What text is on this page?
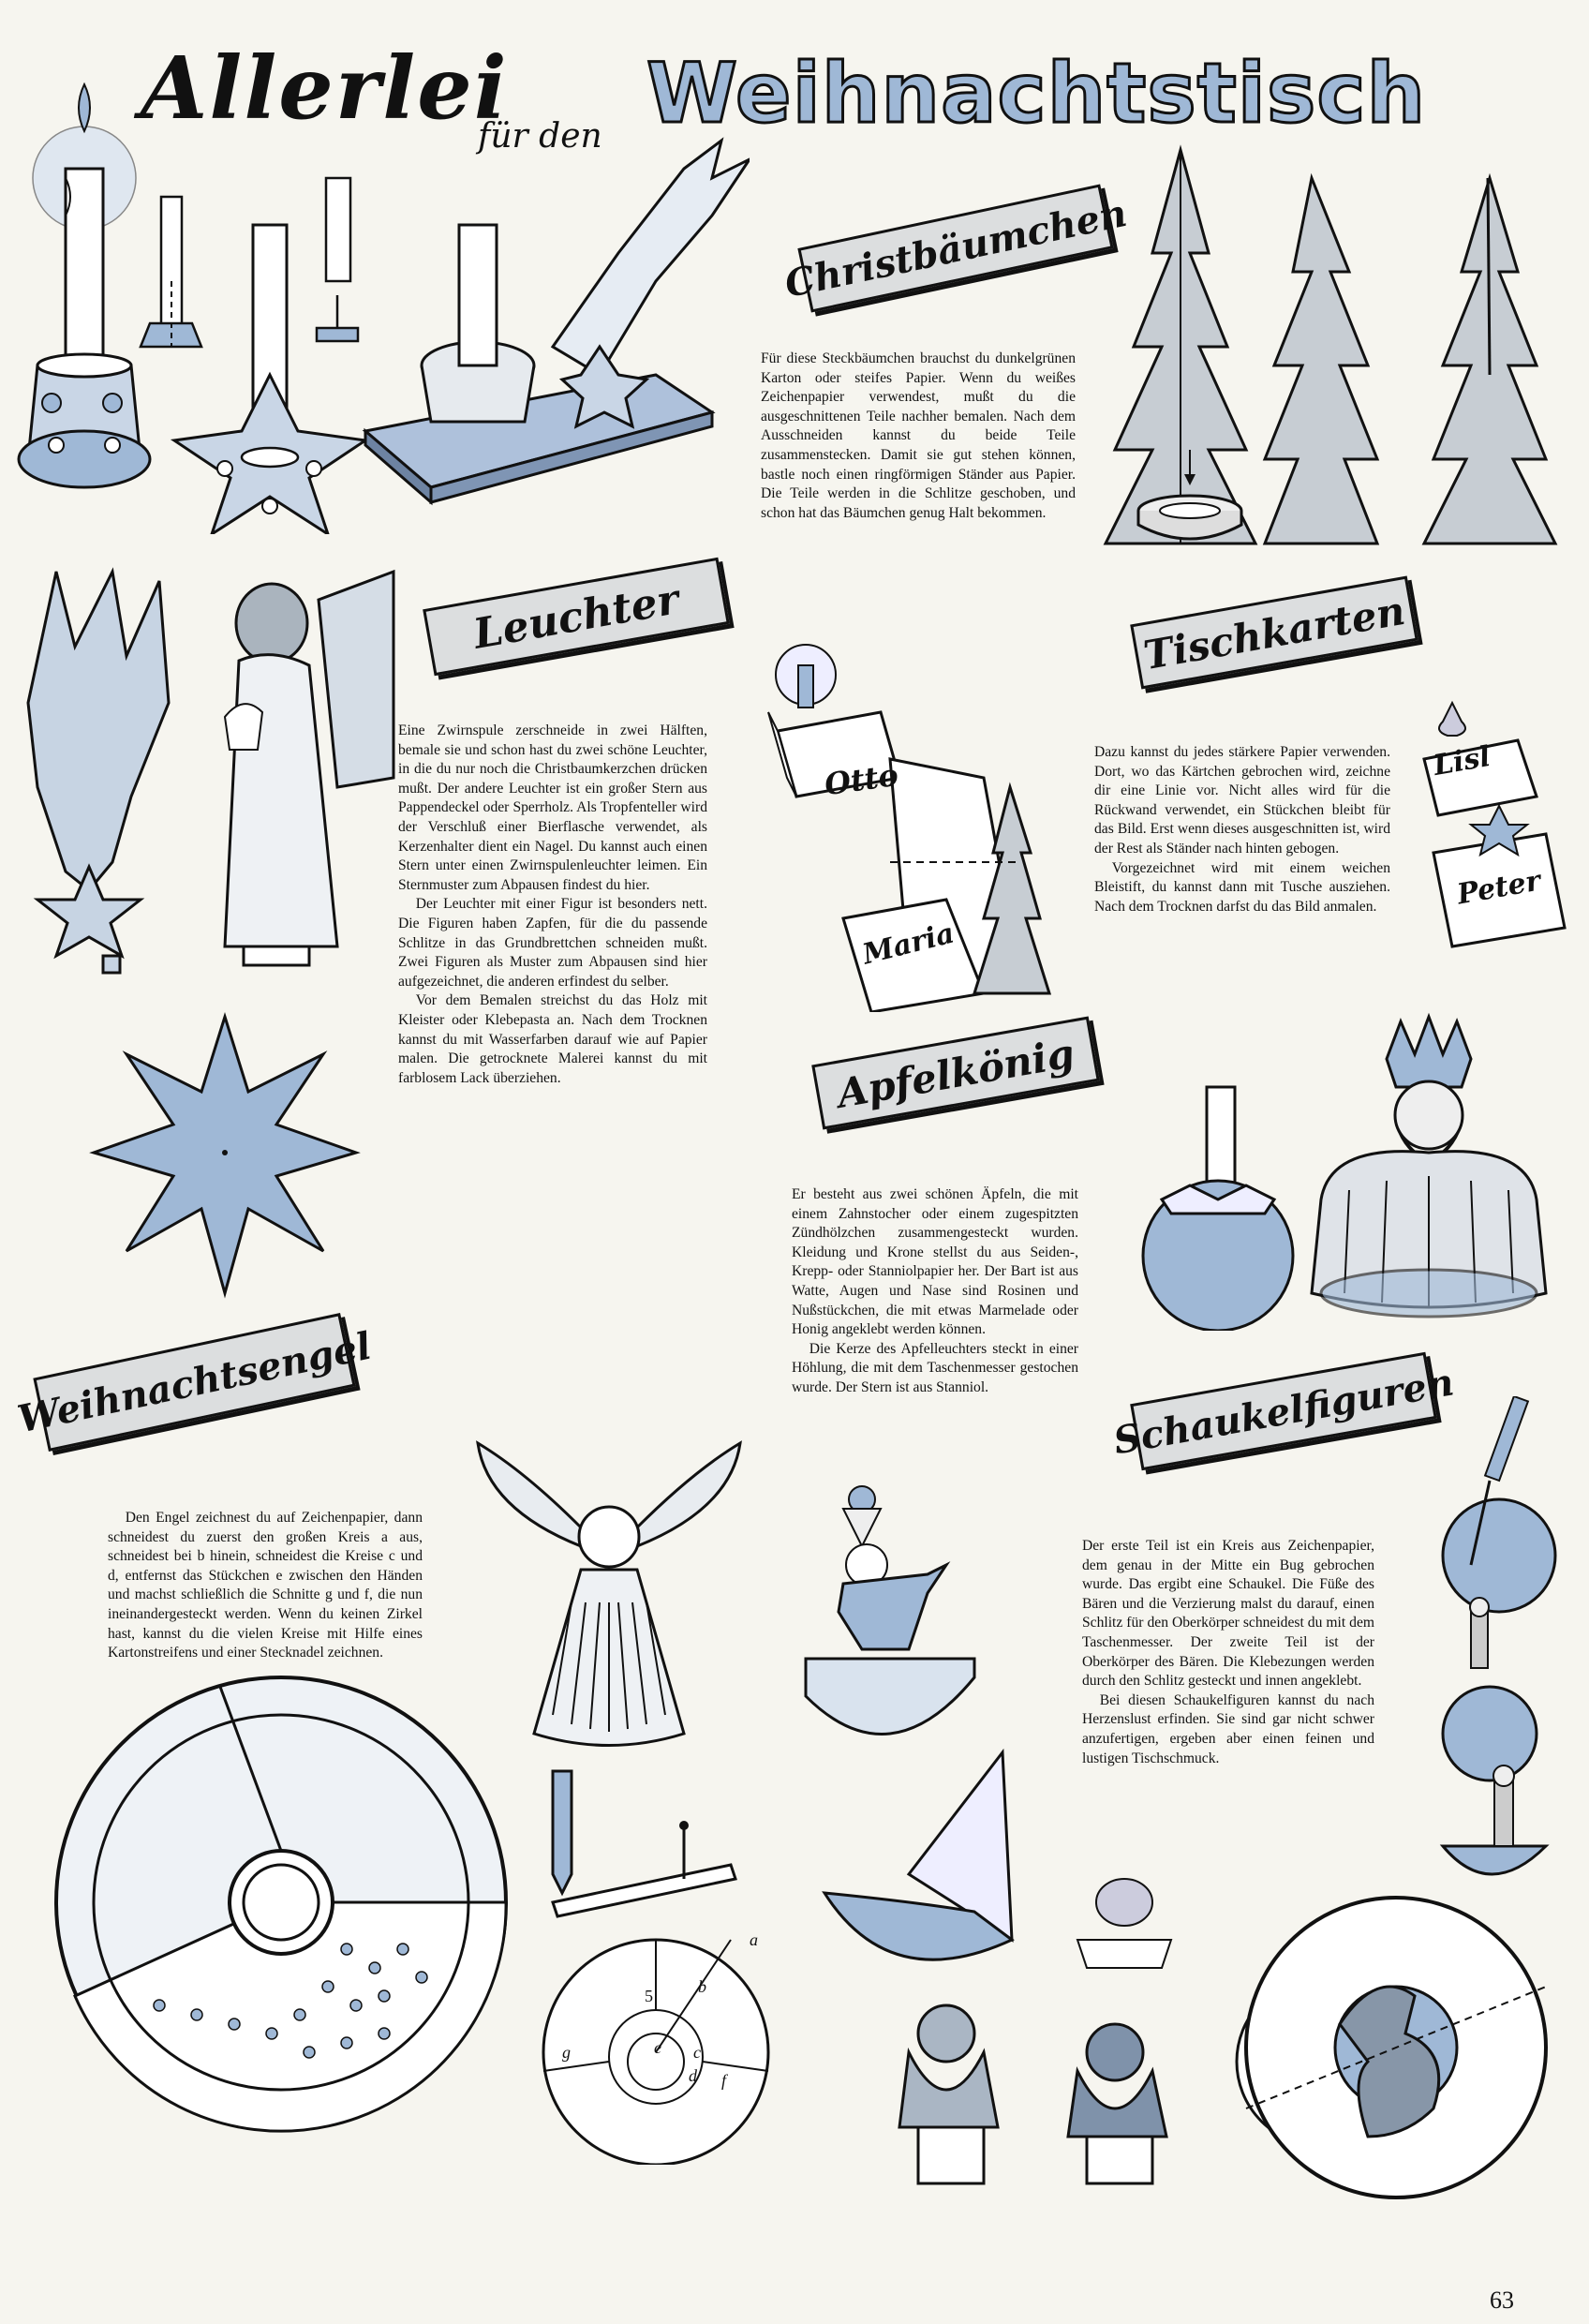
Allerlei
für den Weihnachtstisch
Christbäumchen

Für diese Steckbäumchen brauchst du dunkelgrünen Karton oder steifes Papier. Wenn du weißes Zeichenpapier verwendest, mußt du die ausgeschnittenen Teile nachher bemalen. Nach dem Ausschneiden kannst du beide Teile zusammenstecken. Damit sie gut stehen können, bastle noch einen ringförmigen Ständer aus Papier. Die Teile werden in die Schlitze geschoben, und schon hat das Bäumchen genug Halt bekommen.

Leuchter

Eine Zwirnspule zerschneide in zwei Hälften, bemale sie und schon hast du zwei schöne Leuchter, in die du nur noch die Christbaumkerzchen drücken mußt. Der andere Leuchter ist ein großer Stern aus Pappendeckel oder Sperrholz. Als Tropfenteller wird der Verschluß einer Bierflasche verwendet, als Kerzenhalter dient ein Nagel. Du kannst auch einen Stern unter einen Zwirnspulenleuchter leimen. Ein Sternmuster zum Abpausen findest du hier.

Der Leuchter mit einer Figur ist besonders nett. Die Figuren haben Zapfen, für die du passende Schlitze in das Grundbrettchen schneiden mußt. Zwei Figuren als Muster zum Abpausen sind hier aufgezeichnet, die anderen erfindest du selber.

Vor dem Bemalen streichst du das Holz mit Kleister oder Klebepasta an. Nach dem Trocknen kannst du mit Wasserfarben darauf wie auf Papier malen. Die getrocknete Malerei kannst du mit farblosem Lack überziehen.

Weihnachtsengel
Tischkarten
Otto
Maria

Dazu kannst du jedes stärkere Papier verwenden. Dort, wo das Kärtchen gebrochen wird, zeichne dir eine Linie vor. Nicht alles wird für die Rückwand verwendet, ein Stückchen bleibt für das Bild. Erst wenn dieses ausgeschnitten ist, wird der Rest als Ständer nach hinten gebogen.

Vorgezeichnet wird mit einem weichen Bleistift, du kannst dann mit Tusche ausziehen. Nach dem Trocknen darfst du das Bild anmalen.

Lisl
Peter
Apfelkönig

Er besteht aus zwei schönen Äpfeln, die mit einem Zahnstocher oder einem zugespitzten Zündhölzchen zusammengesteckt wurden. Kleidung und Krone stellst du aus Seiden-, Krepp- oder Stanniolpapier her. Der Bart ist aus Watte, Augen und Nase sind Rosinen und Nußstückchen, die mit etwas Marmelade oder Honig angeklebt werden können.

Die Kerze des Apfelleuchters steckt in einer Höhlung, die mit dem Taschenmesser gestochen wurde. Der Stern ist aus Stanniol.	Schaukelfiguren

Der erste Teil ist ein Kreis aus Zeichenpapier, dem genau in der Mitte ein Bug gebrochen wurde. Das ergibt eine Schaukel. Die Füße des Bären und die Verzierung malst du darauf, einen Schlitz für den Oberkörper schneidest du mit dem Taschenmesser. Der zweite Teil ist der Oberkörper des Bären. Die Klebezungen werden durch den Schlitz gesteckt und innen angeklebt.

Bei diesen Schaukelfiguren kannst du nach Herzenslust erfinden. Sie sind gar nicht schwer anzufertigen, ergeben aber einen feinen und lustigen Tischschmuck.

Den Engel zeichnest du auf Zeichenpapier, dann schneidest du zuerst den großen Kreis a aus, schneidest bei b hinein, schneidest die Kreise c und d, entfernst das Stückchen e zwischen den Händen und machst schließlich die Schnitte g und f, die nun ineinandergesteckt werden. Wenn du keinen Zirkel hast, kannst du die vielen Kreise mit Hilfe eines Kartonstreifens und einer Stecknadel zeichnen.

a
b
c
d
e
f
g
5
63
